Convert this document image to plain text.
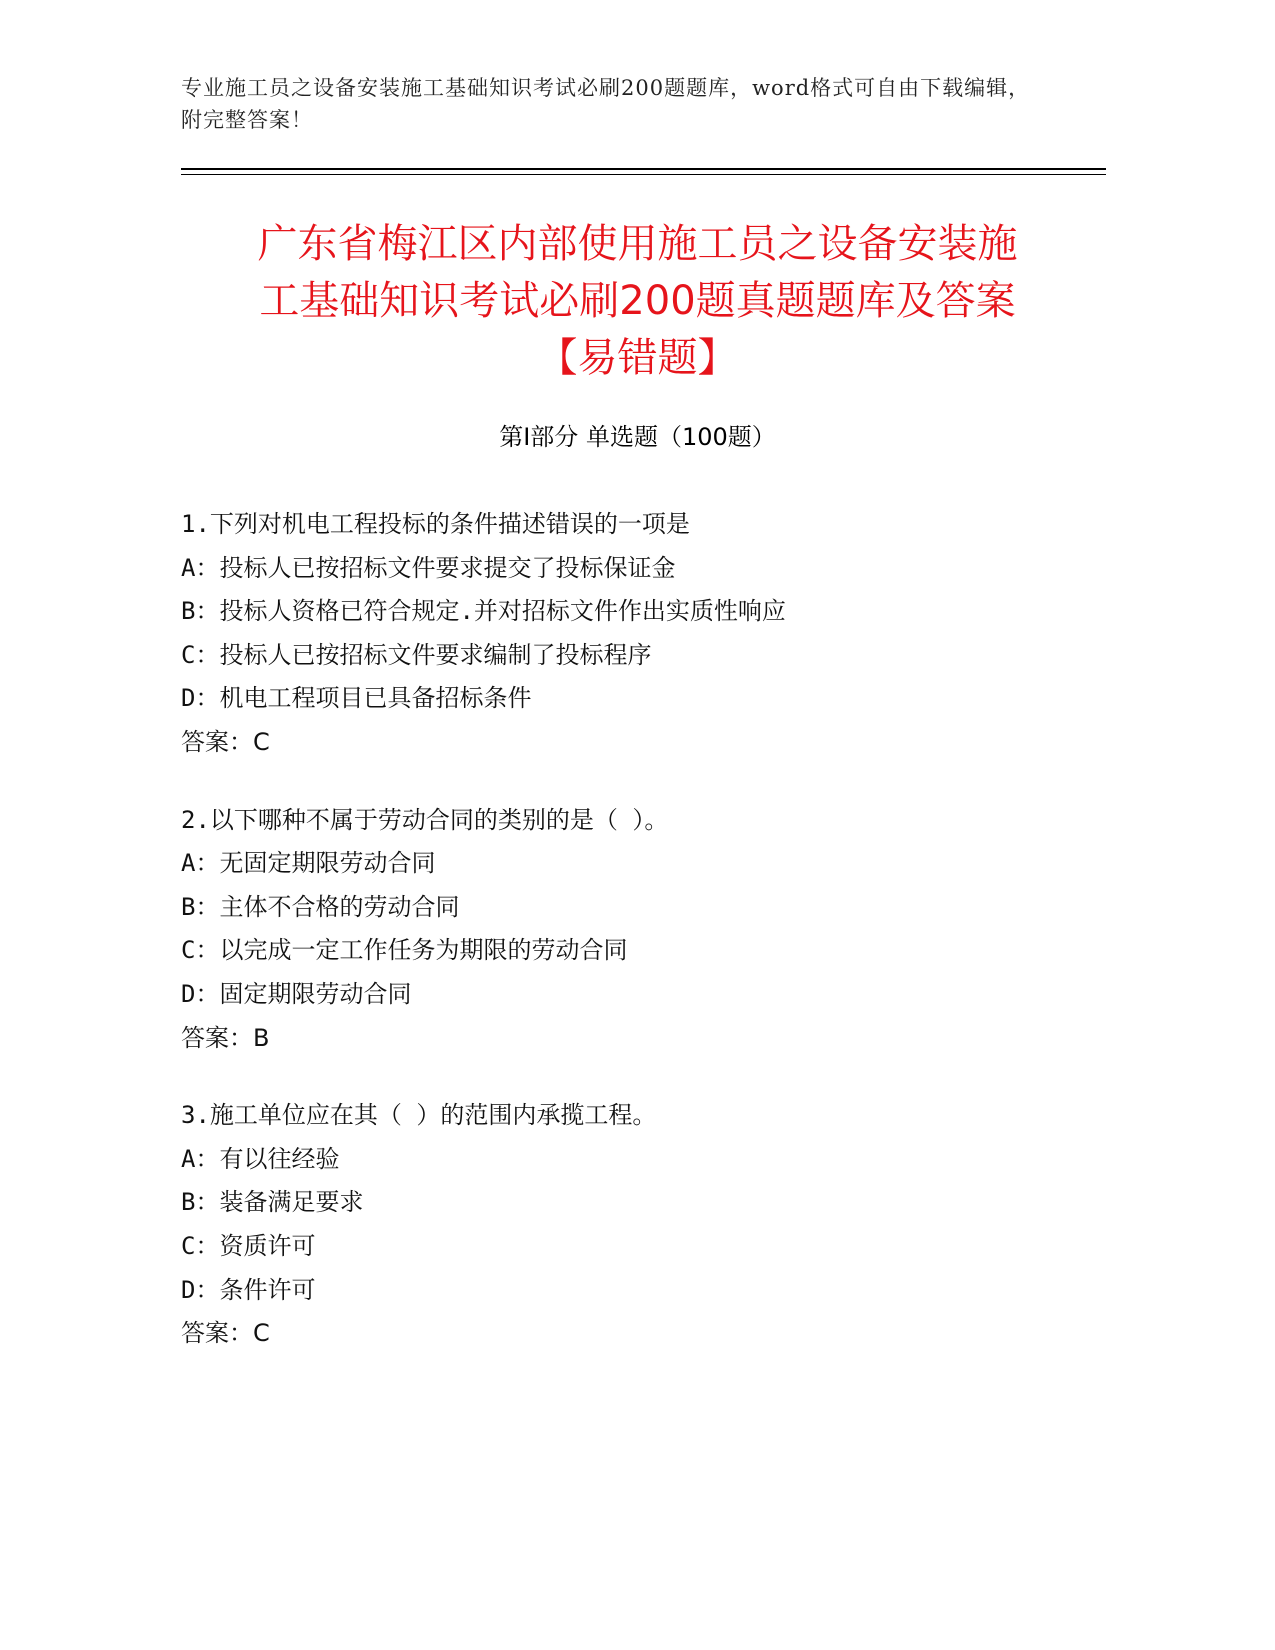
专业施工员之设备安装施工基础知识考试必刷200题题库，word格式可自由下载编辑，附完整答案！
广东省梅江区内部使用施工员之设备安装施
工基础知识考试必刷200题真题题库及答案
【易错题】
第Ⅰ部分 单选题（100题）
1.下列对机电工程投标的条件描述错误的一项是
A：投标人已按招标文件要求提交了投标保证金
B：投标人资格已符合规定.并对招标文件作出实质性响应
C：投标人已按招标文件要求编制了投标程序
D：机电工程项目已具备招标条件
答案：C
2.以下哪种不属于劳动合同的类别的是（ ）。
A：无固定期限劳动合同
B：主体不合格的劳动合同
C：以完成一定工作任务为期限的劳动合同
D：固定期限劳动合同
答案：B
3.施工单位应在其（ ）的范围内承揽工程。
A：有以往经验
B：装备满足要求
C：资质许可
D：条件许可
答案：C
